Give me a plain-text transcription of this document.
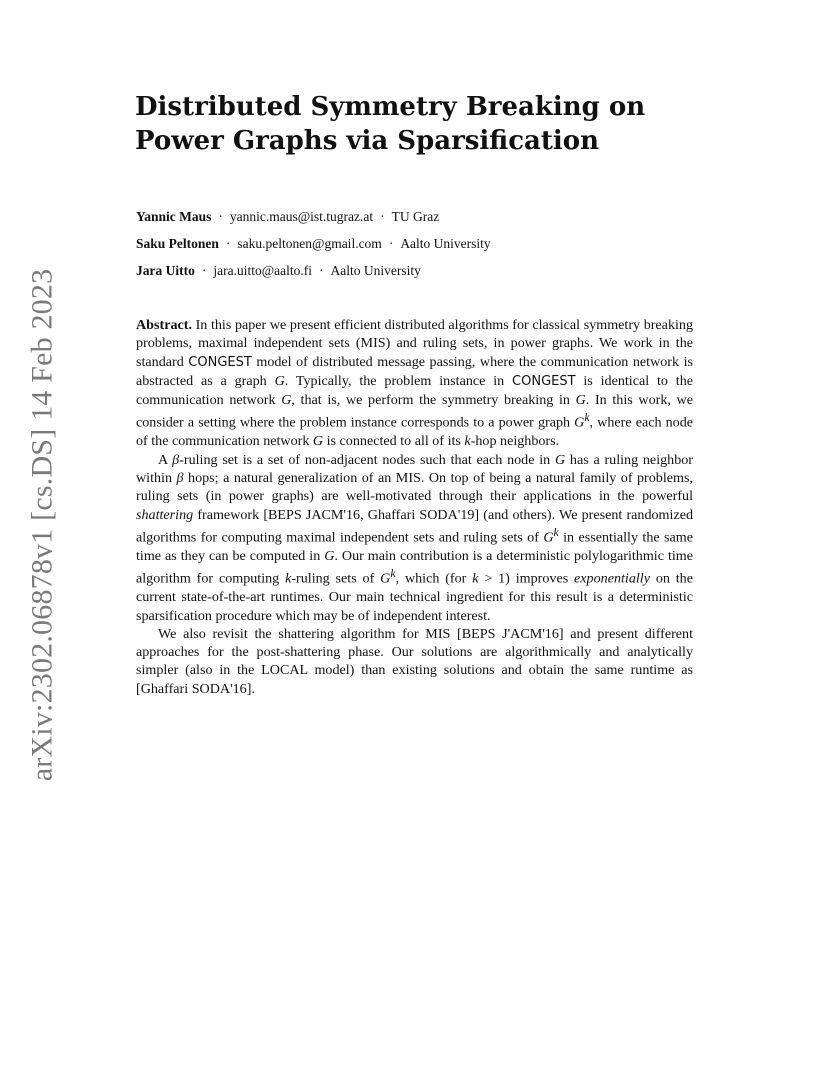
arXiv:2302.06878v1 [cs.DS] 14 Feb 2023
Distributed Symmetry Breaking on
Power Graphs via Sparsification
Yannic Maus · yannic.maus@ist.tugraz.at · TU Graz
Saku Peltonen · saku.peltonen@gmail.com · Aalto University
Jara Uitto · jara.uitto@aalto.fi · Aalto University

Abstract. In this paper we present efficient distributed algorithms for classical symmetry breaking problems, maximal independent sets (MIS) and ruling sets, in power graphs. We work in the standard CONGEST model of distributed message passing, where the communication network is abstracted as a graph G. Typically, the problem instance in CONGEST is identical to the communication network G, that is, we perform the symmetry breaking in G. In this work, we consider a setting where the problem instance corresponds to a power graph $G^k$, where each node of the communication network G is connected to all of its k-hop neighbors.

A β-ruling set is a set of non-adjacent nodes such that each node in G has a ruling neighbor within β hops; a natural generalization of an MIS. On top of being a natural family of problems, ruling sets (in power graphs) are well-motivated through their applications in the powerful shattering framework [BEPS JACM'16, Ghaffari SODA'19] (and others). We present randomized algorithms for computing maximal independent sets and ruling sets of $G^k$ in essentially the same time as they can be computed in G. Our main contribution is a deterministic polylogarithmic time algorithm for computing k-ruling sets of $G^k$, which (for k > 1) improves exponentially on the current state-of-the-art runtimes. Our main technical ingredient for this result is a deterministic sparsification procedure which may be of independent interest.

We also revisit the shattering algorithm for MIS [BEPS J'ACM'16] and present different approaches for the post-shattering phase. Our solutions are algorithmically and analytically simpler (also in the LOCAL model) than existing solutions and obtain the same runtime as [Ghaffari SODA'16].
